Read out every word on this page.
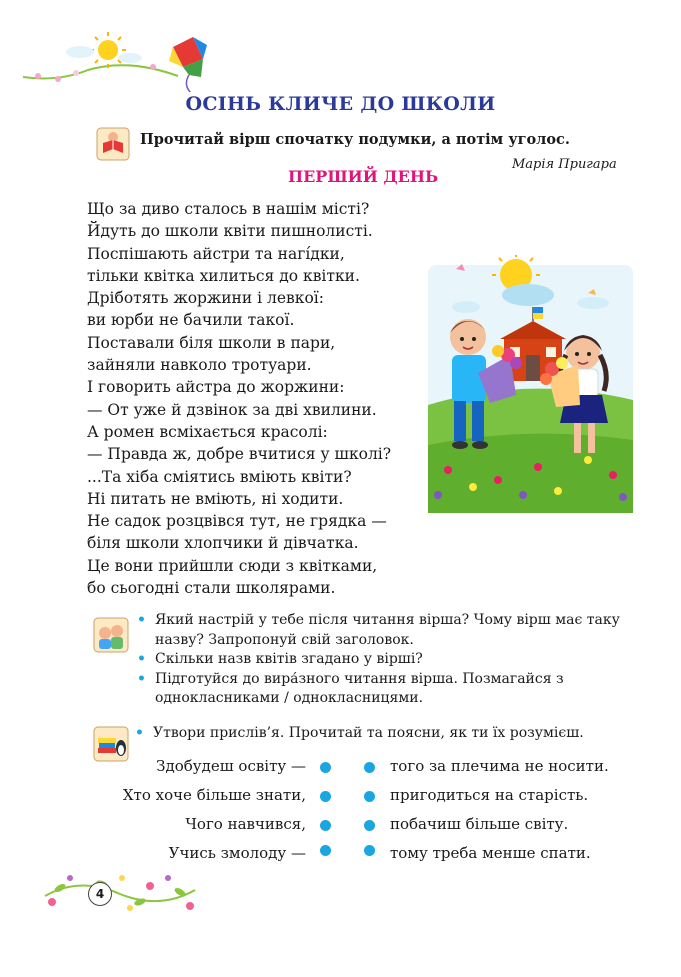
ОСІНЬ КЛИЧЕ ДО ШКОЛИ
Прочитай вірш спочатку подумки, а потім уголос.
Марія Пригара
ПЕРШИЙ ДЕНЬ
Що за диво сталось в нашім місті?
Йдуть до школи квіти пишнолисті.
Поспішають айстри та нагі́дки,
тільки квітка хилиться до квітки.
Дріботять жоржини і левкої:
ви юрби не бачили такої.
Поставали біля школи в пари,
зайняли навколо тротуари.
І говорить айстра до жоржини:
— От уже й дзвінок за дві хвилини.
А ромен всміхається красолі:
— Правда ж, добре вчитися у школі?
...Та хіба сміятись вміють квіти?
Ні питать не вміють, ні ходити.
Не садок розцвівся тут, не грядка —
біля школи хлопчики й дівчатка.
Це вони прийшли сюди з квітками,
бо сьогодні стали школярами.
• Який настрій у тебе після читання вірша? Чому вірш має таку назву? Запропонуй свій заголовок.
• Скільки назв квітів згадано у вірші?
• Підготуйся до вира́зного читання вірша. Позмагайся з однокласниками / однокласницями.
• Утвори прислів’я. Прочитай та поясни, як ти їх розумієш.
Здобудеш освіту —	того за плечима не носити.
Хто хоче більше знати,	пригодиться на старість.
Чого навчився,	побачиш більше світу.
Учись змолоду —	тому треба менше спати.
4
